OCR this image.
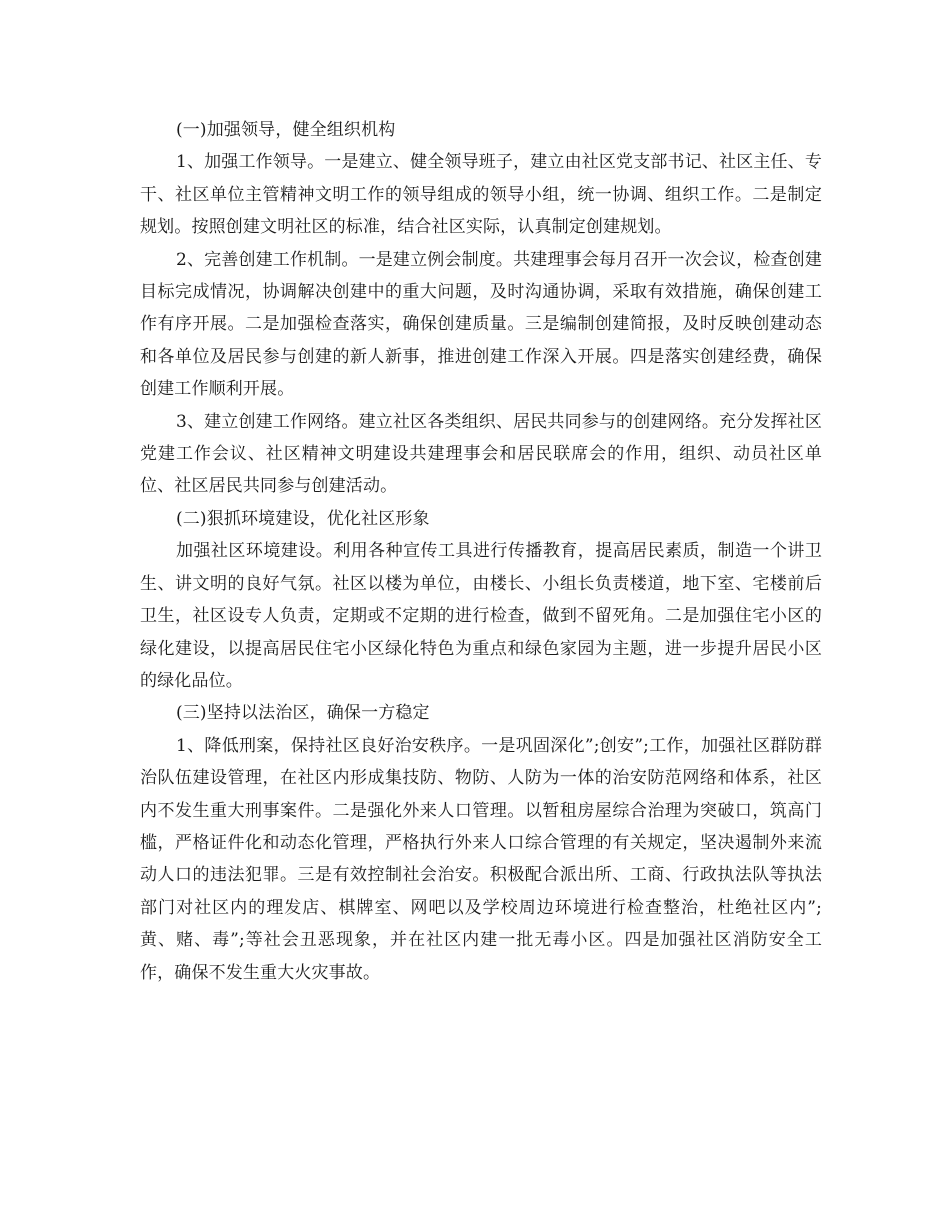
(一)加强领导，健全组织机构

1、加强工作领导。一是建立、健全领导班子，建立由社区党支部书记、社区主任、专干、社区单位主管精神文明工作的领导组成的领导小组，统一协调、组织工作。二是制定规划。按照创建文明社区的标准，结合社区实际，认真制定创建规划。

2、完善创建工作机制。一是建立例会制度。共建理事会每月召开一次会议，检查创建目标完成情况，协调解决创建中的重大问题，及时沟通协调，采取有效措施，确保创建工作有序开展。二是加强检查落实，确保创建质量。三是编制创建简报，及时反映创建动态和各单位及居民参与创建的新人新事，推进创建工作深入开展。四是落实创建经费，确保创建工作顺利开展。

3、建立创建工作网络。建立社区各类组织、居民共同参与的创建网络。充分发挥社区党建工作会议、社区精神文明建设共建理事会和居民联席会的作用，组织、动员社区单位、社区居民共同参与创建活动。

(二)狠抓环境建设，优化社区形象

加强社区环境建设。利用各种宣传工具进行传播教育，提高居民素质，制造一个讲卫生、讲文明的良好气氛。社区以楼为单位，由楼长、小组长负责楼道，地下室、宅楼前后卫生，社区设专人负责，定期或不定期的进行检查，做到不留死角。二是加强住宅小区的绿化建设，以提高居民住宅小区绿化特色为重点和绿色家园为主题，进一步提升居民小区的绿化品位。

(三)坚持以法治区，确保一方稳定

1、降低刑案，保持社区良好治安秩序。一是巩固深化”;创安”;工作，加强社区群防群治队伍建设管理，在社区内形成集技防、物防、人防为一体的治安防范网络和体系，社区内不发生重大刑事案件。二是强化外来人口管理。以暂租房屋综合治理为突破口，筑高门槛，严格证件化和动态化管理，严格执行外来人口综合管理的有关规定，坚决遏制外来流动人口的违法犯罪。三是有效控制社会治安。积极配合派出所、工商、行政执法队等执法部门对社区内的理发店、棋牌室、网吧以及学校周边环境进行检查整治，杜绝社区内”;黄、赌、毒”;等社会丑恶现象，并在社区内建一批无毒小区。四是加强社区消防安全工作，确保不发生重大火灾事故。
